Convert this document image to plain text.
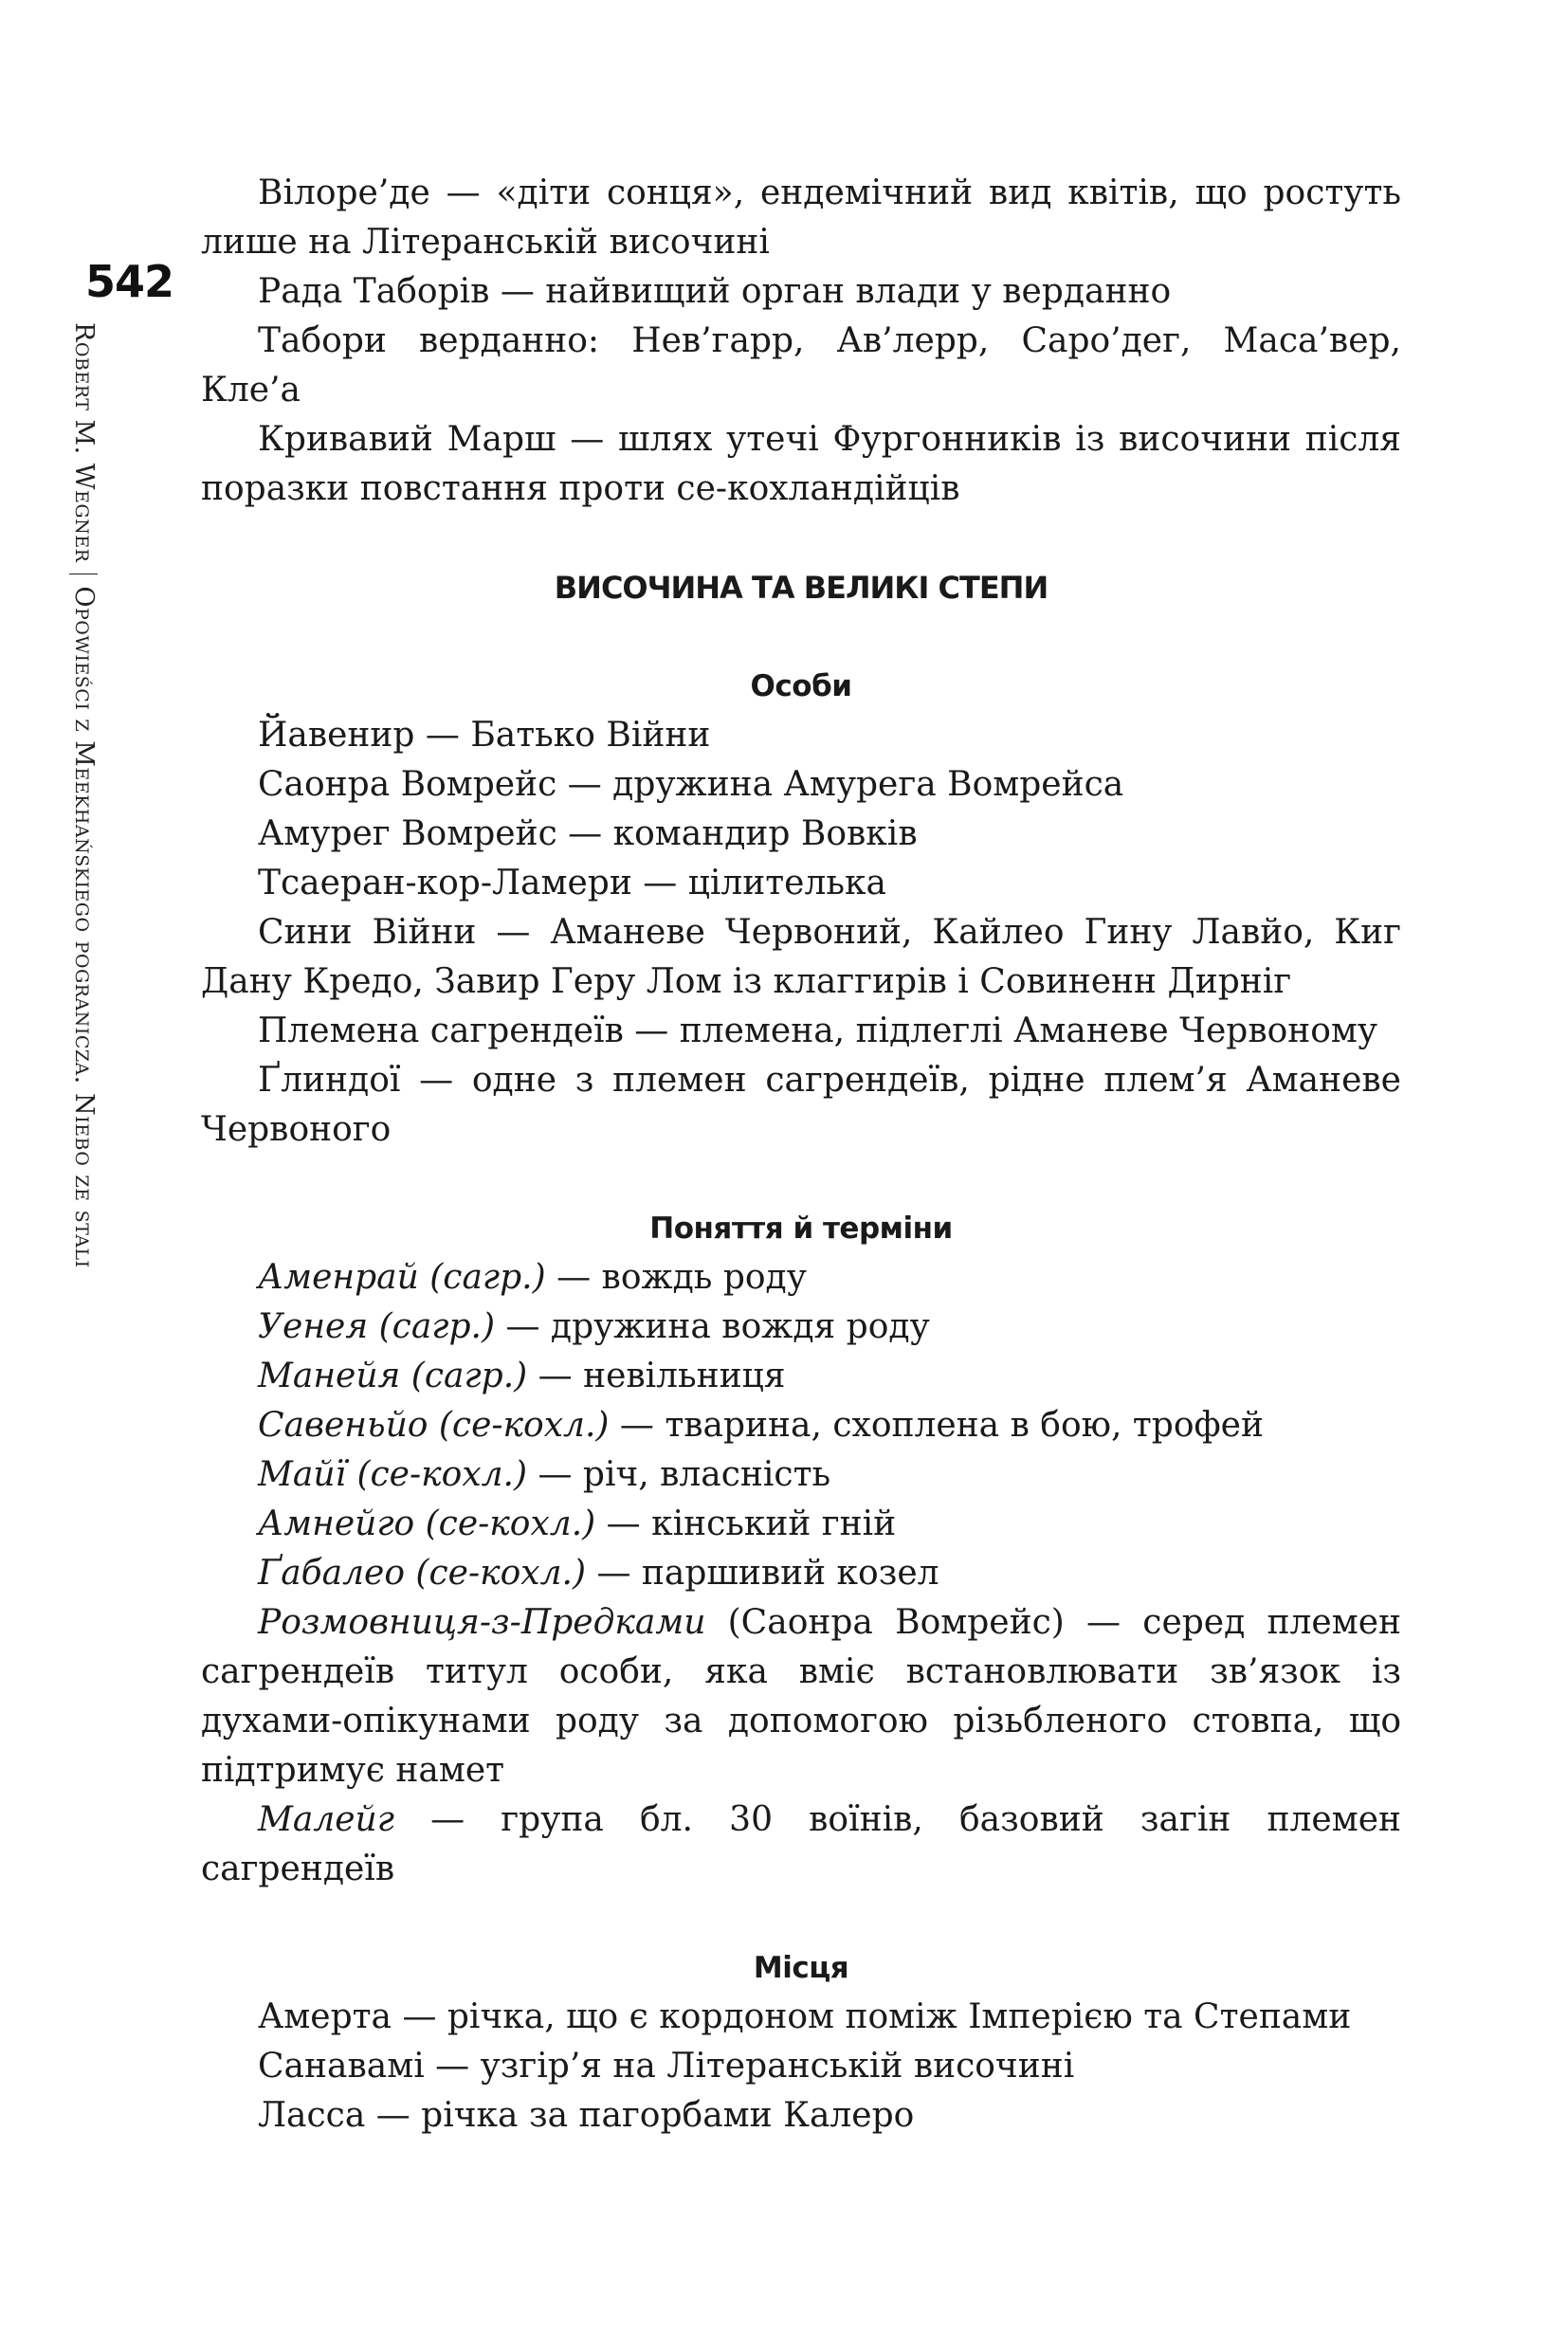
542
Robert M. Wegner
Opowieści z Meekhańskiego pogranicza. Niebo ze stali

Вілоре’де — «діти сонця», ендемічний вид квітів, що ростуть лише на Літеранській височині

Рада Таборів — найвищий орган влади у верданно

Табори верданно: Нев’гарр, Ав’лерр, Саро’дег, Маса’вер, Кле’а

Кривавий Марш — шлях утечі Фургонників із височини після поразки повстання проти се-кохландійців

ВИСОЧИНА ТА ВЕЛИКІ СТЕПИ

Особи

Йавенир — Батько Війни

Саонра Вомрейс — дружина Амурега Вомрейса

Амурег Вомрейс — командир Вовків

Тсаеран-кор-Ламери — цілителька

Сини Війни — Аманеве Червоний, Кайлео Гину Лавйо, Киг Дану Кредо, Завир Геру Лом із клаггирів і Совиненн Дирніг

Племена сагрендеїв — племена, підлеглі Аманеве Червоному

Ґлиндої — одне з племен сагрендеїв, рідне плем’я Аманеве Червоного

Поняття й терміни

Аменрай (сагр.) — вождь роду

Уенея (сагр.) — дружина вождя роду

Манейя (сагр.) — невільниця

Савеньйо (се-кохл.) — тварина, схоплена в бою, трофей

Майї (се-кохл.) — річ, власність

Амнейго (се-кохл.) — кінський гній

Ґабалео (се-кохл.) — паршивий козел

Розмовниця-з-Предками (Саонра Вомрейс) — серед племен сагрендеїв титул особи, яка вміє встановлювати зв’язок із духами-опікунами роду за допомогою різьбленого стовпа, що підтримує намет

Малейг — група бл. 30 воїнів, базовий загін племен сагрендеїв

Місця

Амерта — річка, що є кордоном поміж Імперією та Степами

Санавамі — узгір’я на Літеранській височині

Ласса — річка за пагорбами Калеро
